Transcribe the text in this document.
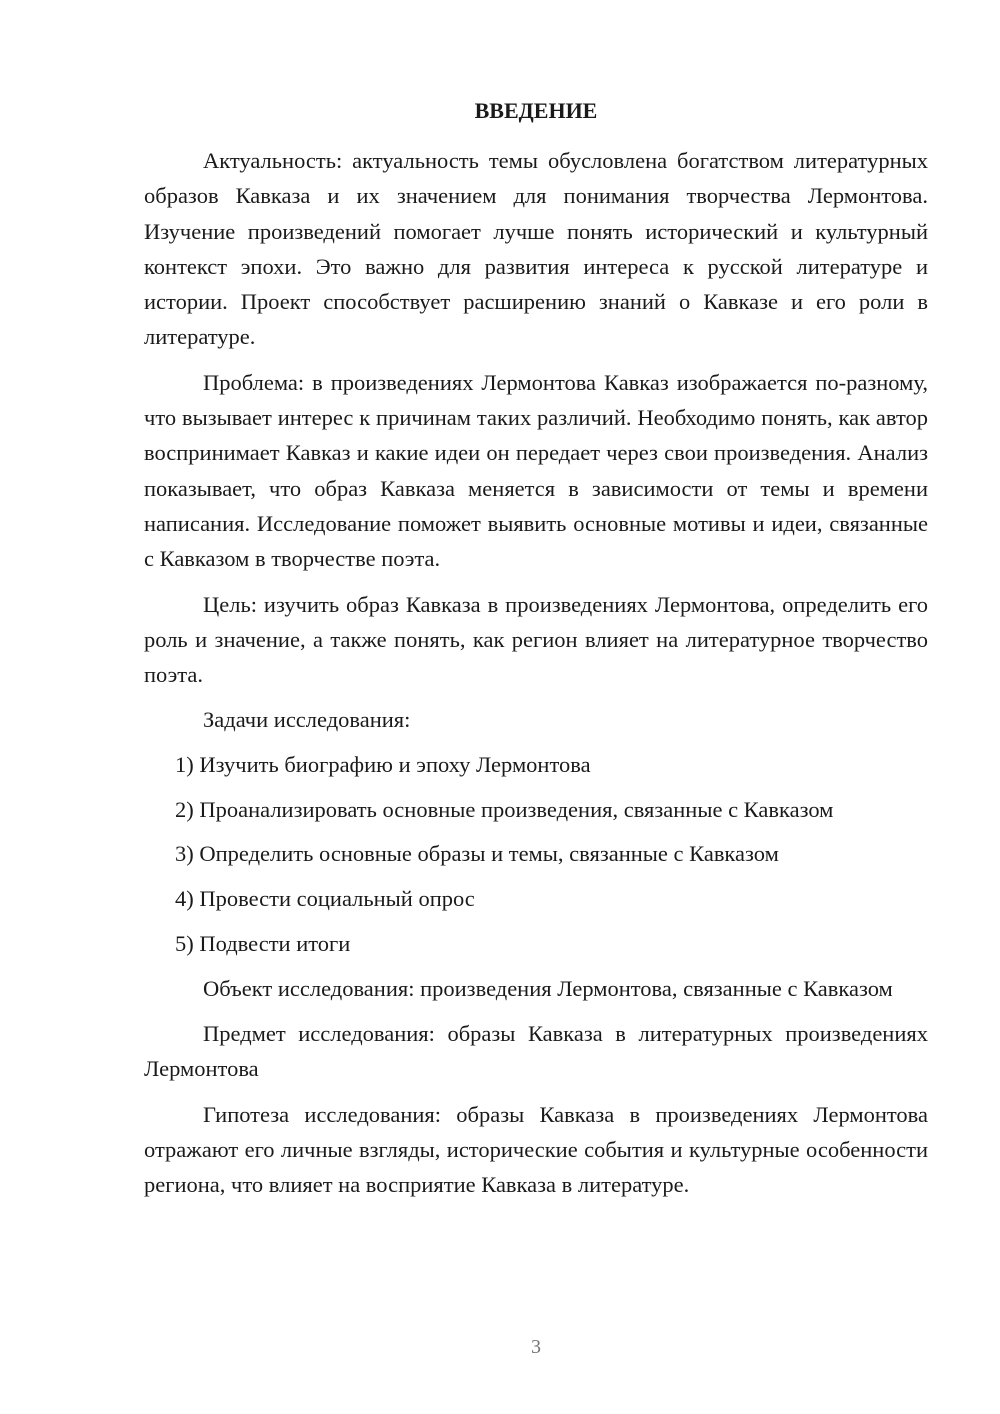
ВВЕДЕНИЕ

Актуальность: актуальность темы обусловлена богатством литературных образов Кавказа и их значением для понимания творчества Лермонтова. Изучение произведений помогает лучше понять исторический и культурный контекст эпохи. Это важно для развития интереса к русской литературе и истории. Проект способствует расширению знаний о Кавказе и его роли в литературе.

Проблема: в произведениях Лермонтова Кавказ изображается по-разному, что вызывает интерес к причинам таких различий. Необходимо понять, как автор воспринимает Кавказ и какие идеи он передает через свои произведения. Анализ показывает, что образ Кавказа меняется в зависимости от темы и времени написания. Исследование поможет выявить основные мотивы и идеи, связанные с Кавказом в творчестве поэта.

Цель: изучить образ Кавказа в произведениях Лермонтова, определить его роль и значение, а также понять, как регион влияет на литературное творчество поэта.

Задачи исследования:

1) Изучить биографию и эпоху Лермонтова
2) Проанализировать основные произведения, связанные с Кавказом
3) Определить основные образы и темы, связанные с Кавказом
4) Провести социальный опрос
5) Подвести итоги

Объект исследования: произведения Лермонтова, связанные с Кавказом

Предмет исследования: образы Кавказа в литературных произведениях Лермонтова

Гипотеза исследования: образы Кавказа в произведениях Лермонтова отражают его личные взгляды, исторические события и культурные особенности региона, что влияет на восприятие Кавказа в литературе.

3
